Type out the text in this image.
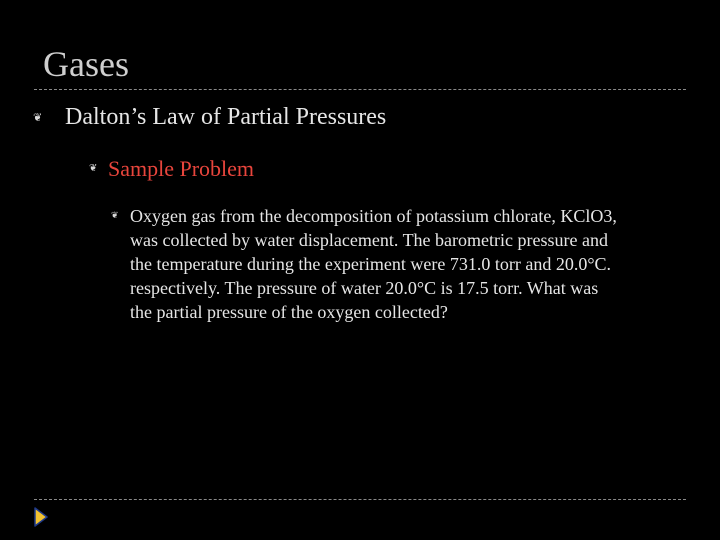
Gases
❦ Dalton’s Law of Partial Pressures
❦ Sample Problem
❦ Oxygen gas from the decomposition of potassium chlorate, KClO3,
was collected by water displacement. The barometric pressure and
the temperature during the experiment were 731.0 torr and 20.0°C.
respectively. The pressure of water 20.0°C is 17.5 torr. What was
the partial pressure of the oxygen collected?
